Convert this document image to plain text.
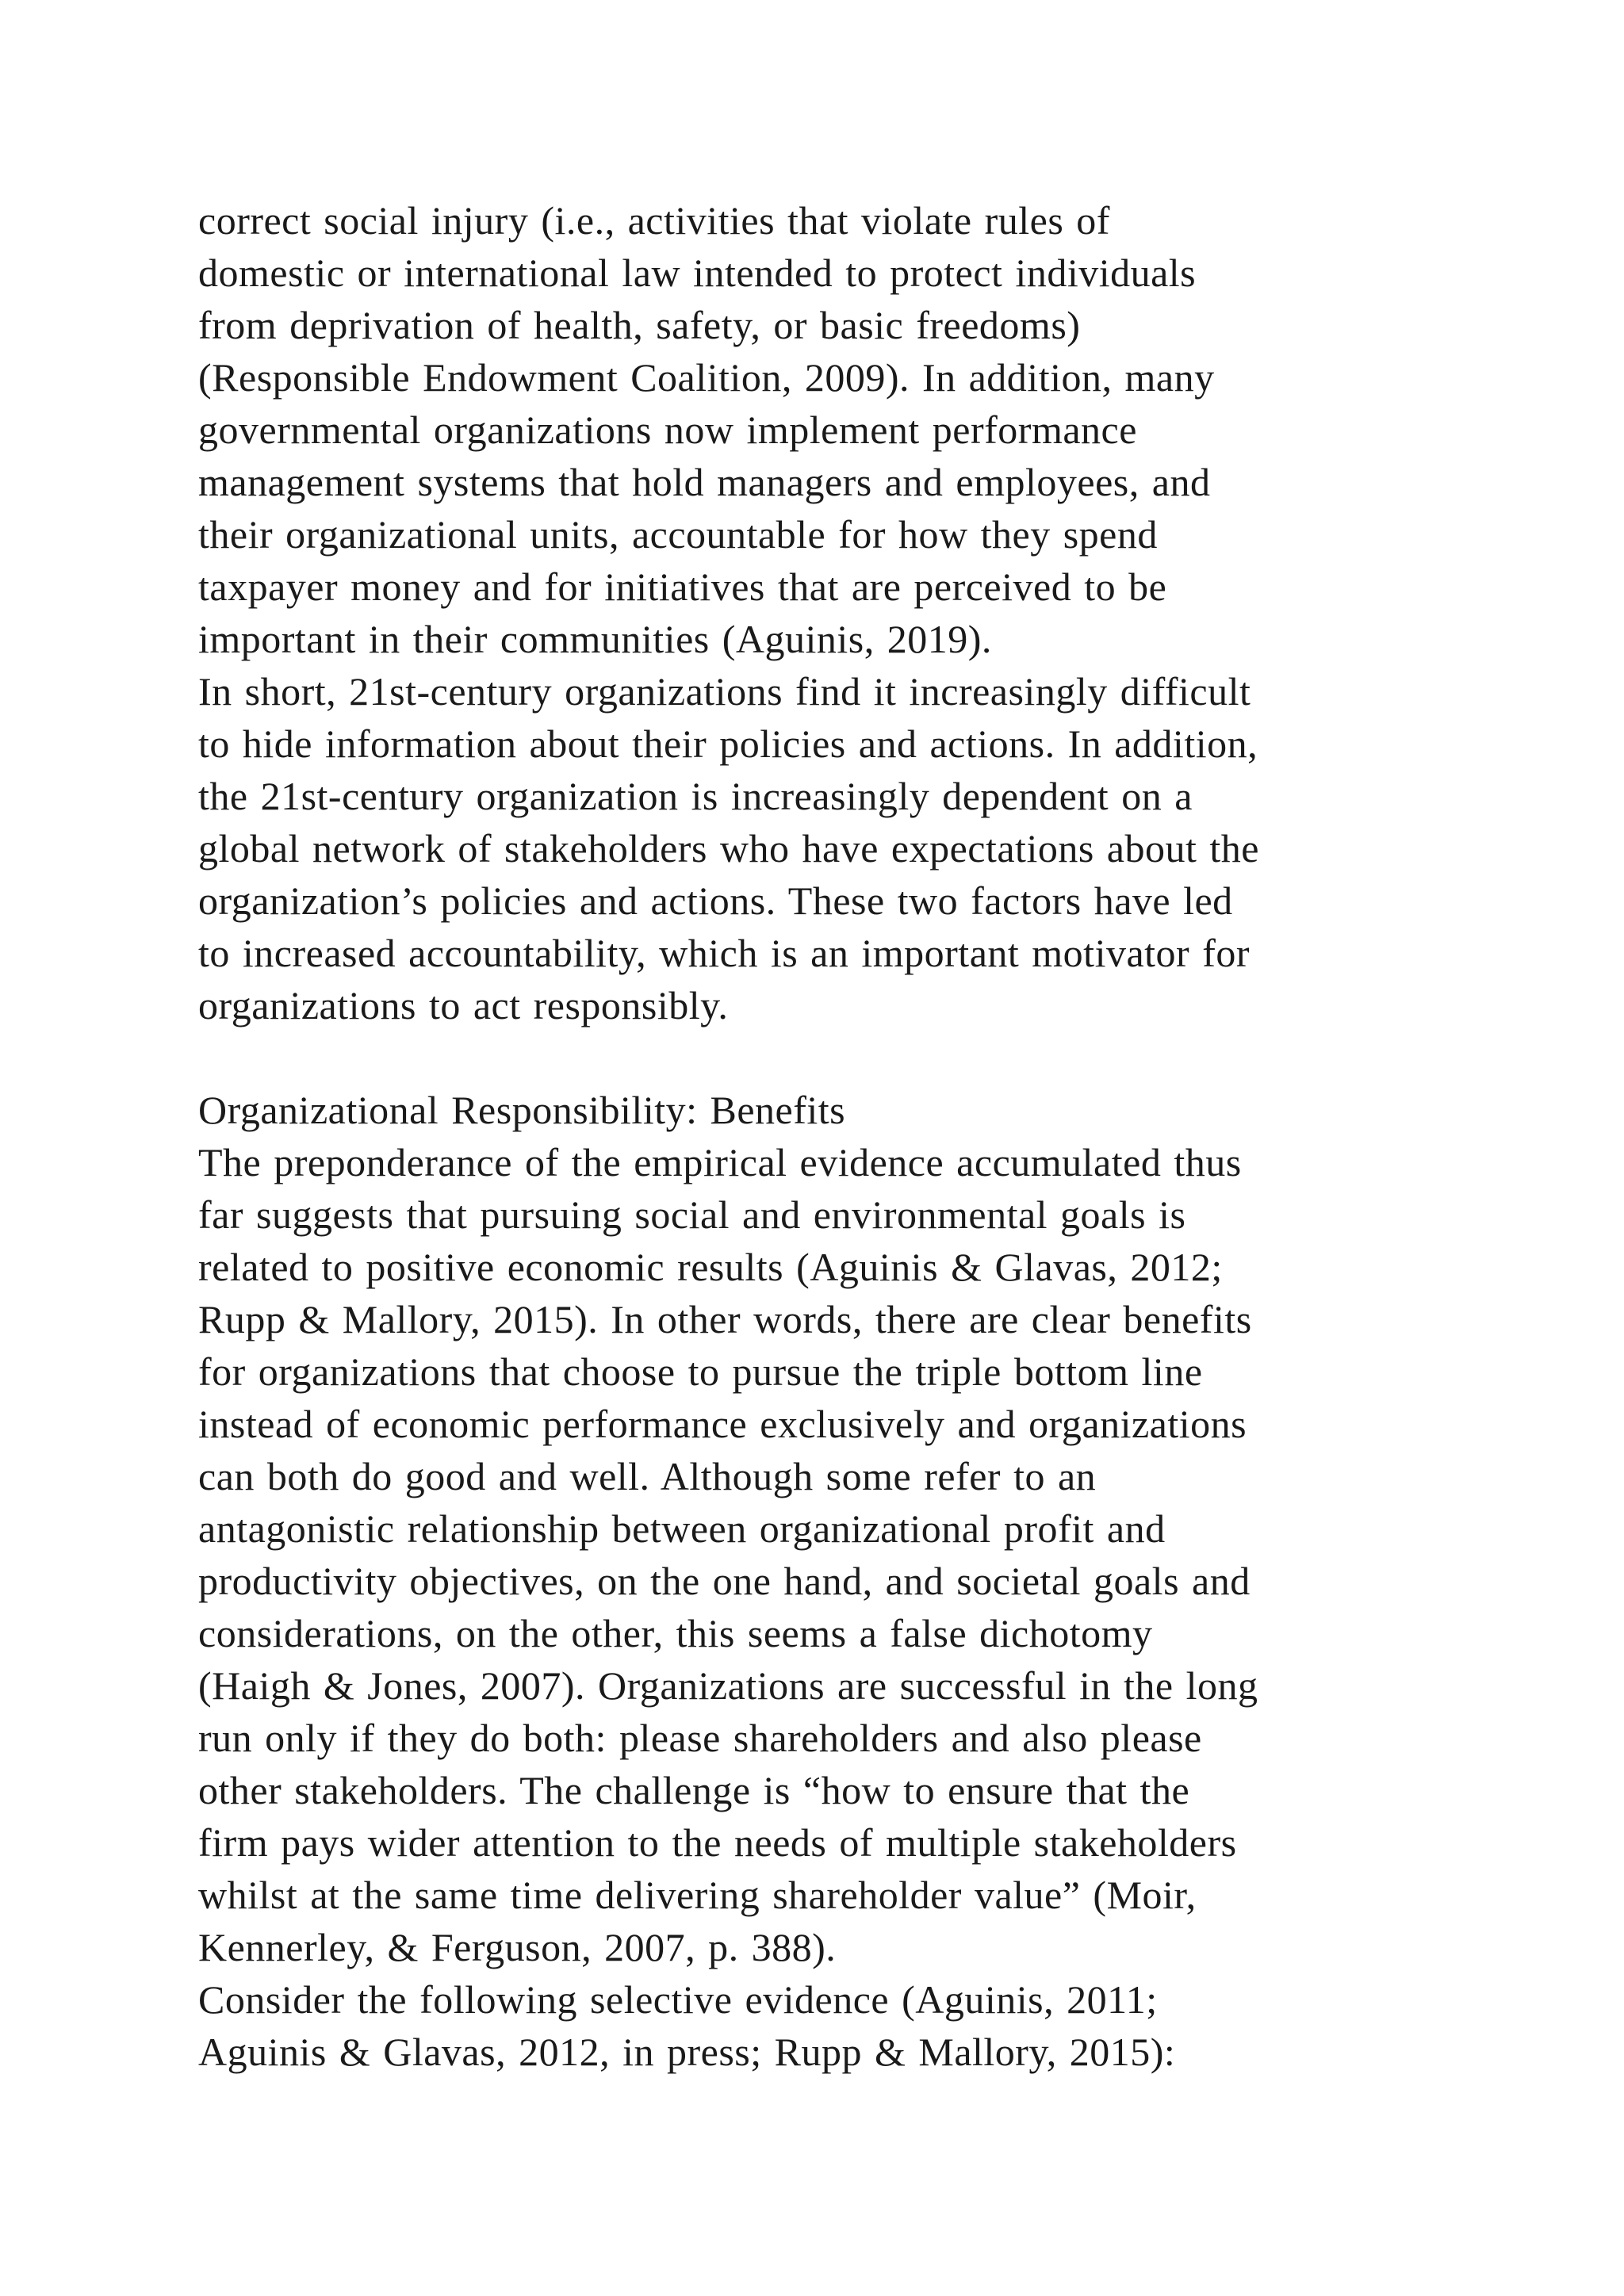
correct social injury (i.e., activities that violate rules of
domestic or international law intended to protect individuals
from deprivation of health, safety, or basic freedoms)
(Responsible Endowment Coalition, 2009). In addition, many
governmental organizations now implement performance
management systems that hold managers and employees, and
their organizational units, accountable for how they spend
taxpayer money and for initiatives that are perceived to be
important in their communities (Aguinis, 2019).
In short, 21st-century organizations find it increasingly difficult
to hide information about their policies and actions. In addition,
the 21st-century organization is increasingly dependent on a
global network of stakeholders who have expectations about the
organization’s policies and actions. These two factors have led
to increased accountability, which is an important motivator for
organizations to act responsibly.
Organizational Responsibility: Benefits
The preponderance of the empirical evidence accumulated thus
far suggests that pursuing social and environmental goals is
related to positive economic results (Aguinis & Glavas, 2012;
Rupp & Mallory, 2015). In other words, there are clear benefits
for organizations that choose to pursue the triple bottom line
instead of economic performance exclusively and organizations
can both do good and well. Although some refer to an
antagonistic relationship between organizational profit and
productivity objectives, on the one hand, and societal goals and
considerations, on the other, this seems a false dichotomy
(Haigh & Jones, 2007). Organizations are successful in the long
run only if they do both: please shareholders and also please
other stakeholders. The challenge is “how to ensure that the
firm pays wider attention to the needs of multiple stakeholders
whilst at the same time delivering shareholder value” (Moir,
Kennerley, & Ferguson, 2007, p. 388).
Consider the following selective evidence (Aguinis, 2011;
Aguinis & Glavas, 2012, in press; Rupp & Mallory, 2015):
